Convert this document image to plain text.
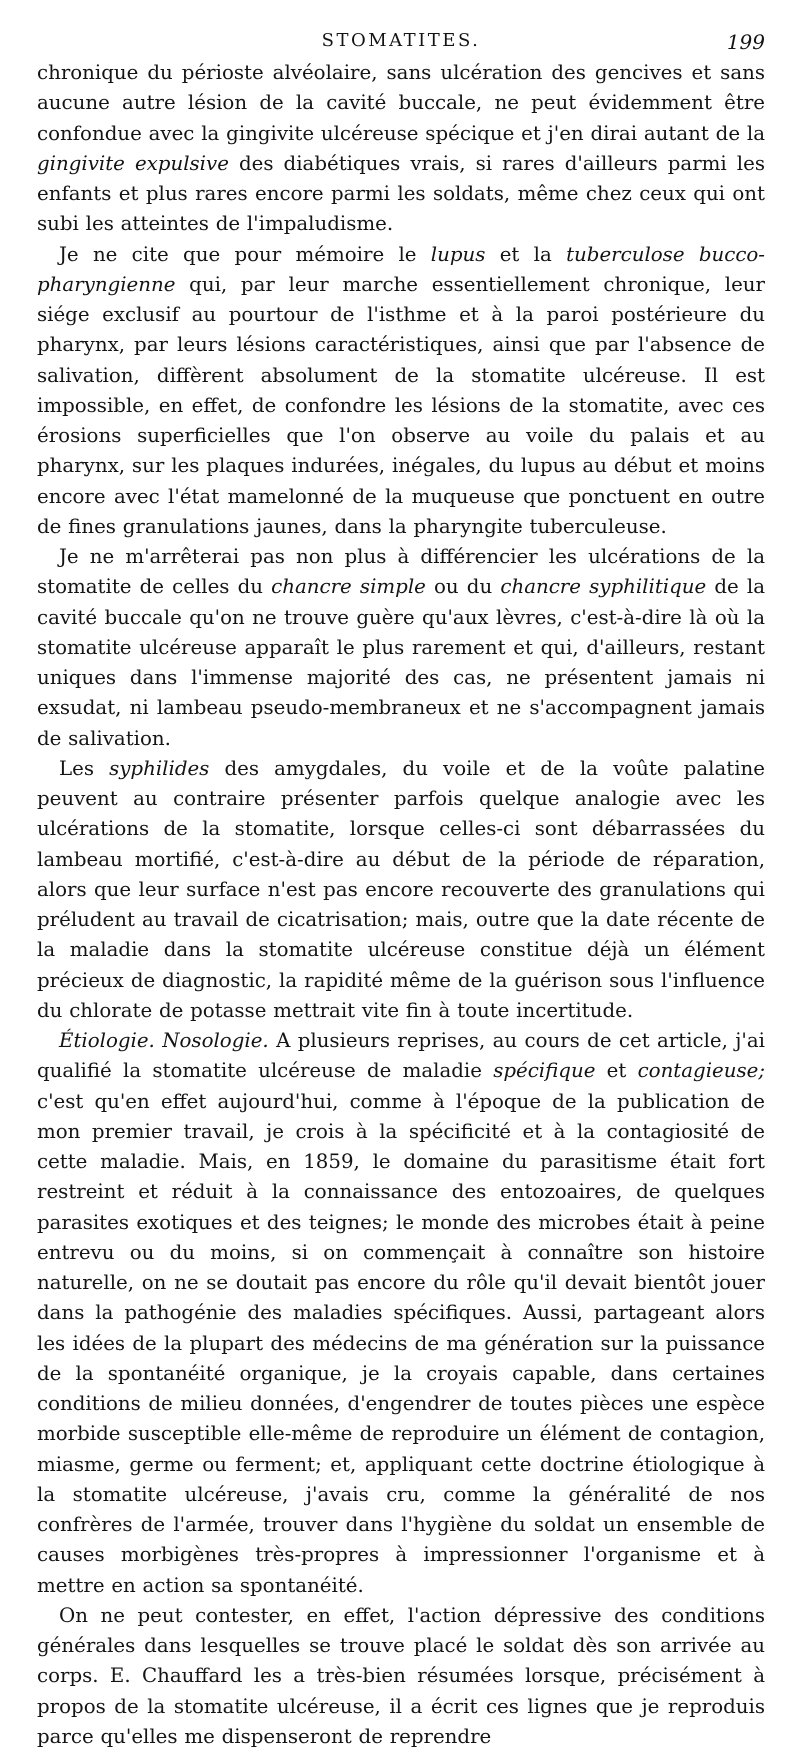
STOMATITES.	199

chronique du périoste alvéolaire, sans ulcération des gencives et sans aucune autre lésion de la cavité buccale, ne peut évidemment être confondue avec la gingivite ulcéreuse spécique et j'en dirai autant de la gingivite expulsive des diabétiques vrais, si rares d'ailleurs parmi les enfants et plus rares encore parmi les soldats, même chez ceux qui ont subi les atteintes de l'impaludisme.

Je ne cite que pour mémoire le lupus et la tuberculose bucco-pharyngienne qui, par leur marche essentiellement chronique, leur siége exclusif au pourtour de l'isthme et à la paroi postérieure du pharynx, par leurs lésions caractéristiques, ainsi que par l'absence de salivation, diffèrent absolument de la stomatite ulcéreuse. Il est impossible, en effet, de confondre les lésions de la stomatite, avec ces érosions superficielles que l'on observe au voile du palais et au pharynx, sur les plaques indurées, inégales, du lupus au début et moins encore avec l'état mamelonné de la muqueuse que ponctuent en outre de fines granulations jaunes, dans la pharyngite tuberculeuse.

Je ne m'arrêterai pas non plus à différencier les ulcérations de la stomatite de celles du chancre simple ou du chancre syphilitique de la cavité buccale qu'on ne trouve guère qu'aux lèvres, c'est-à-dire là où la stomatite ulcéreuse apparaît le plus rarement et qui, d'ailleurs, restant uniques dans l'immense majorité des cas, ne présentent jamais ni exsudat, ni lambeau pseudo-membraneux et ne s'accompagnent jamais de salivation.

Les syphilides des amygdales, du voile et de la voûte palatine peuvent au contraire présenter parfois quelque analogie avec les ulcérations de la stomatite, lorsque celles-ci sont débarrassées du lambeau mortifié, c'est-à-dire au début de la période de réparation, alors que leur surface n'est pas encore recouverte des granulations qui préludent au travail de cicatrisation; mais, outre que la date récente de la maladie dans la stomatite ulcéreuse constitue déjà un élément précieux de diagnostic, la rapidité même de la guérison sous l'influence du chlorate de potasse mettrait vite fin à toute incertitude.

Étiologie. Nosologie. A plusieurs reprises, au cours de cet article, j'ai qualifié la stomatite ulcéreuse de maladie spécifique et contagieuse; c'est qu'en effet aujourd'hui, comme à l'époque de la publication de mon premier travail, je crois à la spécificité et à la contagiosité de cette maladie. Mais, en 1859, le domaine du parasitisme était fort restreint et réduit à la connaissance des entozoaires, de quelques parasites exotiques et des teignes; le monde des microbes était à peine entrevu ou du moins, si on commençait à connaître son histoire naturelle, on ne se doutait pas encore du rôle qu'il devait bientôt jouer dans la pathogénie des maladies spécifiques. Aussi, partageant alors les idées de la plupart des médecins de ma génération sur la puissance de la spontanéité organique, je la croyais capable, dans certaines conditions de milieu données, d'engendrer de toutes pièces une espèce morbide susceptible elle-même de reproduire un élément de contagion, miasme, germe ou ferment; et, appliquant cette doctrine étiologique à la stomatite ulcéreuse, j'avais cru, comme la généralité de nos confrères de l'armée, trouver dans l'hygiène du soldat un ensemble de causes morbigènes très-propres à impressionner l'organisme et à mettre en action sa spontanéité.

On ne peut contester, en effet, l'action dépressive des conditions générales dans lesquelles se trouve placé le soldat dès son arrivée au corps. E. Chauffard les a très-bien résumées lorsque, précisément à propos de la stomatite ulcéreuse, il a écrit ces lignes que je reproduis parce qu'elles me dispenseront de reprendre
